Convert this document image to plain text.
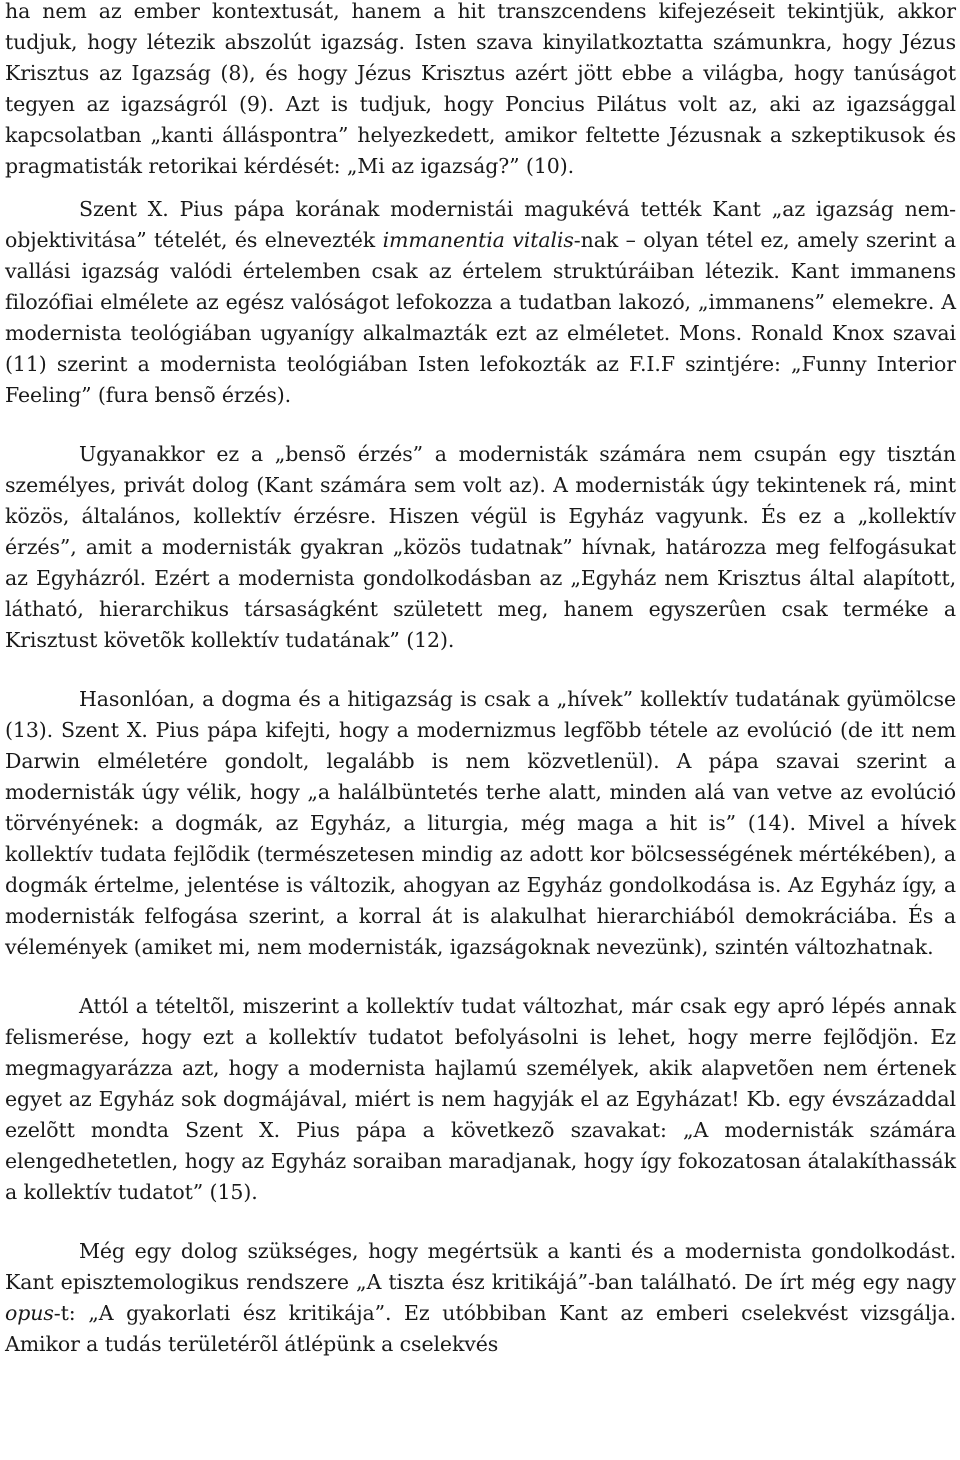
ha nem az ember kontextusát, hanem a hit transzcendens kifejezéseit tekintjük, akkor tudjuk, hogy létezik abszolút igazság. Isten szava kinyilatkoztatta számunkra, hogy Jézus Krisztus az Igazság (8), és hogy Jézus Krisztus azért jött ebbe a világba, hogy tanúságot tegyen az igazságról (9). Azt is tudjuk, hogy Poncius Pilátus volt az, aki az igazsággal kapcsolatban „kanti álláspontra” helyezkedett, amikor feltette Jézusnak a szkeptikusok és pragmatisták retorikai kérdését: „Mi az igazság?” (10).

Szent X. Pius pápa korának modernistái magukévá tették Kant „az igazság nem-objektivitása” tételét, és elnevezték immanentia vitalis-nak – olyan tétel ez, amely szerint a vallási igazság valódi értelemben csak az értelem struktúráiban létezik. Kant immanens filozófiai elmélete az egész valóságot lefokozza a tudatban lakozó, „immanens” elemekre. A modernista teológiában ugyanígy alkalmazták ezt az elméletet. Mons. Ronald Knox szavai (11) szerint a modernista teológiában Isten lefokozták az F.I.F szintjére: „Funny Interior Feeling” (fura bensõ érzés).

Ugyanakkor ez a „bensõ érzés” a modernisták számára nem csupán egy tisztán személyes, privát dolog (Kant számára sem volt az). A modernisták úgy tekintenek rá, mint közös, általános, kollektív érzésre. Hiszen végül is Egyház vagyunk. És ez a „kollektív érzés”, amit a modernisták gyakran „közös tudatnak” hívnak, határozza meg felfogásukat az Egyházról. Ezért a modernista gondolkodásban az „Egyház nem Krisztus által alapított, látható, hierarchikus társaságként született meg, hanem egyszerûen csak terméke a Krisztust követõk kollektív tudatának” (12).

Hasonlóan, a dogma és a hitigazság is csak a „hívek” kollektív tudatának gyümölcse (13). Szent X. Pius pápa kifejti, hogy a modernizmus legfõbb tétele az evolúció (de itt nem Darwin elméletére gondolt, legalább is nem közvetlenül). A pápa szavai szerint a modernisták úgy vélik, hogy „a halálbüntetés terhe alatt, minden alá van vetve az evolúció törvényének: a dogmák, az Egyház, a liturgia, még maga a hit is” (14). Mivel a hívek kollektív tudata fejlõdik (természetesen mindig az adott kor bölcsességének mértékében), a dogmák értelme, jelentése is változik, ahogyan az Egyház gondolkodása is. Az Egyház így, a modernisták felfogása szerint, a korral át is alakulhat hierarchiából demokráciába. És a vélemények (amiket mi, nem modernisták, igazságoknak nevezünk), szintén változhatnak.

Attól a tételtõl, miszerint a kollektív tudat változhat, már csak egy apró lépés annak felismerése, hogy ezt a kollektív tudatot befolyásolni is lehet, hogy merre fejlõdjön. Ez megmagyarázza azt, hogy a modernista hajlamú személyek, akik alapvetõen nem értenek egyet az Egyház sok dogmájával, miért is nem hagyják el az Egyházat! Kb. egy évszázaddal ezelõtt mondta Szent X. Pius pápa a következõ szavakat: „A modernisták számára elengedhetetlen, hogy az Egyház soraiban maradjanak, hogy így fokozatosan átalakíthassák a kollektív tudatot” (15).

Még egy dolog szükséges, hogy megértsük a kanti és a modernista gondolkodást. Kant episztemologikus rendszere „A tiszta ész kritikájá”-ban található. De írt még egy nagy opus-t: „A gyakorlati ész kritikája”. Ez utóbbiban Kant az emberi cselekvést vizsgálja. Amikor a tudás területérõl átlépünk a cselekvés
